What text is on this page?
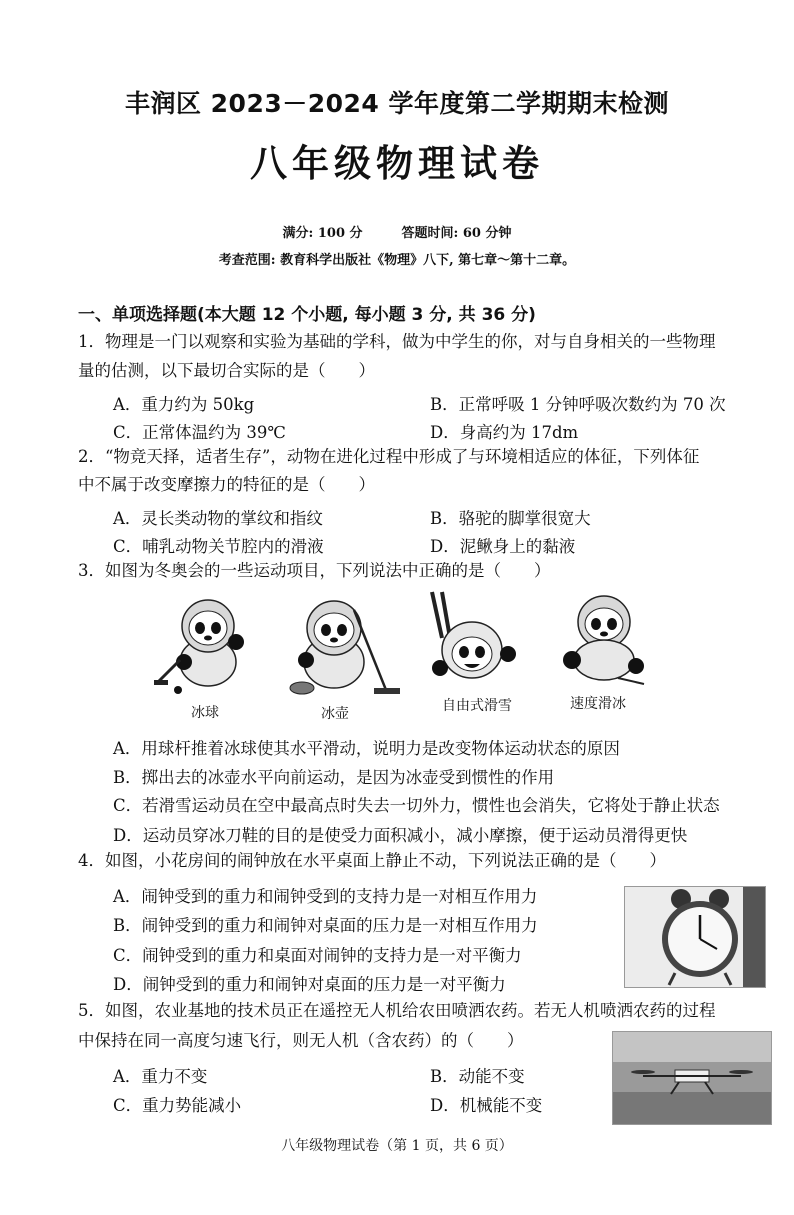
丰润区 2023－2024 学年度第二学期期末检测
八年级物理试卷
满分: 100 分　　　答题时间: 60 分钟
考查范围: 教育科学出版社《物理》八下, 第七章～第十二章。
一、单项选择题(本大题 12 个小题, 每小题 3 分, 共 36 分)
1．物理是一门以观察和实验为基础的学科，做为中学生的你，对与自身相关的一些物理
量的估测，以下最切合实际的是（　　）
A．重力约为 50kg	B．正常呼吸 1 分钟呼吸次数约为 70 次
C．正常体温约为 39℃	D．身高约为 17dm
2．“物竞天择，适者生存”，动物在进化过程中形成了与环境相适应的体征，下列体征
中不属于改变摩擦力的特征的是（　　）
A．灵长类动物的掌纹和指纹	B．骆驼的脚掌很宽大
C．哺乳动物关节腔内的滑液	D．泥鳅身上的黏液
3．如图为冬奥会的一些运动项目，下列说法中正确的是（　　）
冰球	冰壶	自由式滑雪	速度滑冰
A．用球杆推着冰球使其水平滑动，说明力是改变物体运动状态的原因
B．掷出去的冰壶水平向前运动，是因为冰壶受到惯性的作用
C．若滑雪运动员在空中最高点时失去一切外力，惯性也会消失，它将处于静止状态
D．运动员穿冰刀鞋的目的是使受力面积减小，减小摩擦，便于运动员滑得更快
4．如图，小花房间的闹钟放在水平桌面上静止不动，下列说法正确的是（　　）
A．闹钟受到的重力和闹钟受到的支持力是一对相互作用力
B．闹钟受到的重力和闹钟对桌面的压力是一对相互作用力
C．闹钟受到的重力和桌面对闹钟的支持力是一对平衡力
D．闹钟受到的重力和闹钟对桌面的压力是一对平衡力
5．如图，农业基地的技术员正在遥控无人机给农田喷洒农药。若无人机喷洒农药的过程
中保持在同一高度匀速飞行，则无人机（含农药）的（　　）
A．重力不变	B．动能不变
C．重力势能减小	D．机械能不变
八年级物理试卷（第 1 页，共 6 页）
